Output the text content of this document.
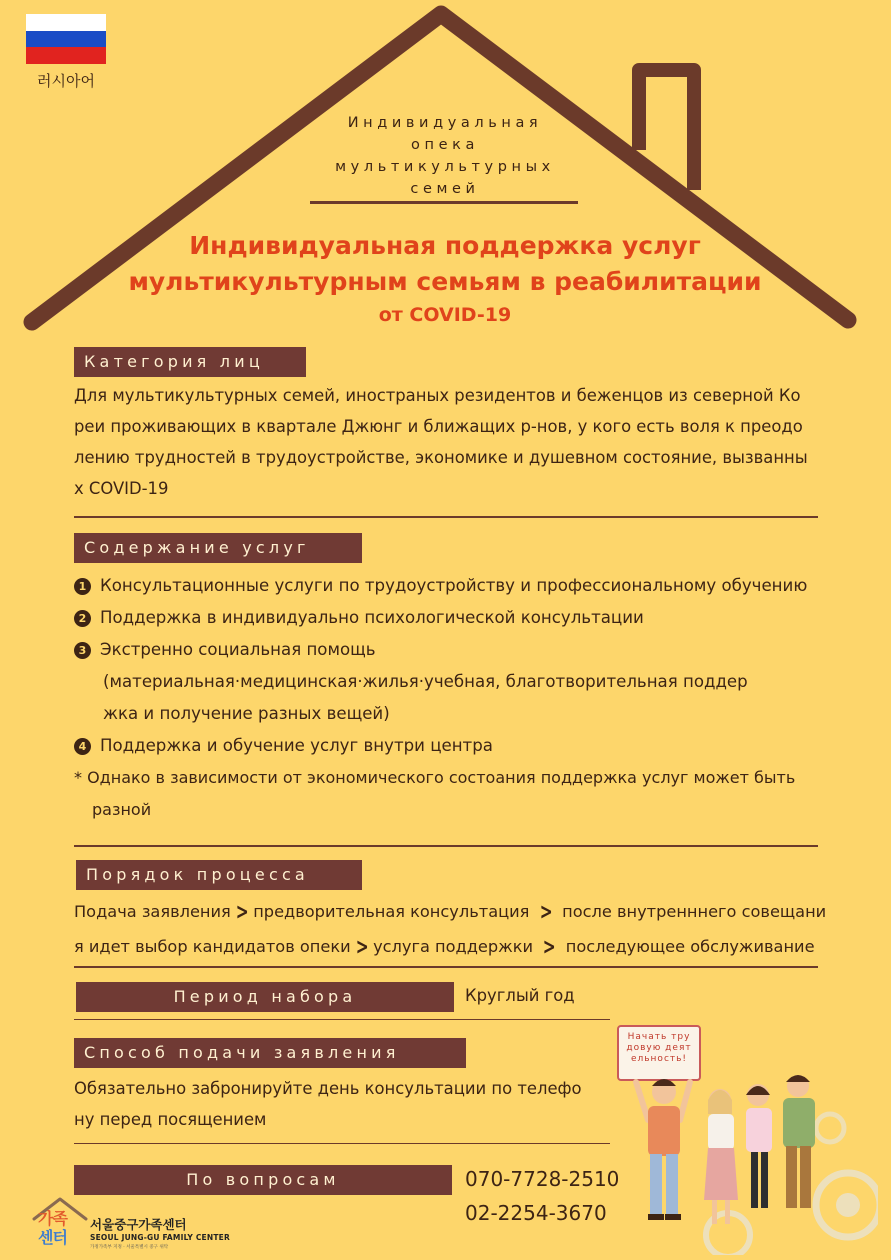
러시아어
Индивидуальная
опека
мультикультурных
семей
Индивидуальная поддержка услуг
мультикультурным семьям в реабилитации
от COVID-19
Категория лиц
Для мультикультурных семей, иностраных резидентов и беженцов из северной Ко
реи проживающих в квартале Джюнг и ближащих р-нов, у кого есть воля к преодо
лению трудностей в трудоустройстве, экономике и душевном состояние, вызванны
х COVID-19
Содержание услуг
1 Консультационные услуги по трудоустройству и профессиональному обучению
2 Поддержка в индивидуально психологической консультации
3 Экстренно социальная помощь
(материальная·медицинская·жилья·учебная, благотворительная поддер
жка и получение разных вещей)
4 Поддержка и обучение услуг внутри центра
* Однако в зависимости от экономического состоания поддержка услуг может быть
разной
Порядок процесса
Подача заявления > предворительная консультация > после внутренннего совещани
я идет выбор кандидатов опеки > услуга поддержки > последующее обслуживание
Период набора	Круглый год
Способ подачи заявления
Обязательно забронируйте день консультации по телефо
ну перед посящением
По вопросам	070-7728-2510
02-2254-3670
가족
센터
서울중구가족센터
SEOUL JUNG-GU FAMILY CENTER
가정가족부 지정 · 서울특별시 중구 위탁
Начать тру
довую деят
ельность!
